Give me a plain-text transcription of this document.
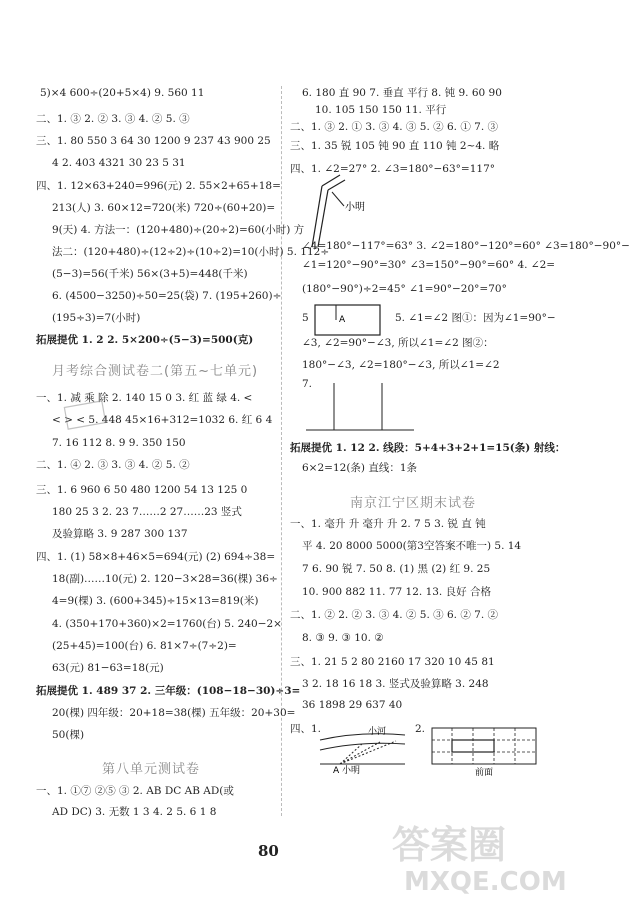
5)×4 600÷(20+5×4) 9. 560 11
二、1. ③ 2. ② 3. ③ 4. ② 5. ③
三、1. 80 550 3 64 30 1200 9 237 43 900 25
4 2. 403 4321 30 23 5 31
四、1. 12×63+240=996(元) 2. 55×2+65+18=
213(人) 3. 60×12=720(米) 720÷(60+20)=
9(天) 4. 方法一：(120+480)÷(20÷2)=60(小时) 方
法二：(120+480)÷(12÷2)÷(10÷2)=10(小时) 5. 112÷
(5−3)=56(千米) 56×(3+5)=448(千米)
6. (4500−3250)÷50=25(袋) 7. (195+260)÷
(195÷3)=7(小时)
拓展提优 1. 2 2. 5×200÷(5−3)=500(克)
月考综合测试卷二(第五~七单元)
一、1. 减 乘 除 2. 140 15 0 3. 红 蓝 绿 4. <
< > < 5. 448 45×16+312=1032 6. 红 6 4
7. 16 112 8. 9 9. 350 150
二、1. ④ 2. ③ 3. ③ 4. ② 5. ②
三、1. 6 960 6 50 480 1200 54 13 125 0
180 25 3 2. 23 7……2 27……23 竖式
及验算略 3. 9 287 300 137
四、1. (1) 58×8+46×5=694(元) (2) 694÷38=
18(副)……10(元) 2. 120−3×28=36(棵) 36÷
4=9(棵) 3. (600+345)÷15×13=819(米)
4. (350+170+360)×2=1760(台) 5. 240−2×
(25+45)=100(台) 6. 81×7÷(7÷2)=
63(元) 81−63=18(元)
拓展提优 1. 489 37 2. 三年级：(108−18−30)÷3=
20(棵) 四年级：20+18=38(棵) 五年级：20+30=
50(棵)
第八单元测试卷
一、1. ①⑦ ②⑤ ③ 2. AB DC AB AD(或
AD DC) 3. 无数 1 3 4. 2 5. 6 1 8
6. 180 直 90 7. 垂直 平行 8. 钝 9. 60 90
10. 105 150 150 11. 平行
二、1. ③ 2. ① 3. ③ 4. ③ 5. ② 6. ① 7. ③
三、1. 35 锐 105 钝 90 直 110 钝 2~4. 略
四、1. ∠2=27° 2. ∠3=180°−63°=117°
小明
∠4=180°−117°=63° 3. ∠2=180°−120°=60° ∠3=180°−90°−
∠1=120°−90°=30° ∠3=150°−90°=60° 4. ∠2=
(180°−90°)÷2=45° ∠1=90°−20°=70°
5	A	5. ∠1=∠2 图①：因为∠1=90°−
∠3, ∠2=90°−∠3, 所以∠1=∠2 图②：
180°−∠3, ∠2=180°−∠3, 所以∠1=∠2
7.
拓展提优 1. 12 2. 线段：5+4+3+2+1=15(条) 射线：
6×2=12(条) 直线：1条
南京江宁区期末试卷
一、1. 毫升 升 毫升 升 2. 7 5 3. 锐 直 钝
平 4. 20 8000 5000(第3空答案不唯一) 5. 14
7 6. 90 锐 7. 50 8. (1) 黑 (2) 红 9. 25
10. 900 882 11. 77 12. 13. 良好 合格
二、1. ② 2. ② 3. ③ 4. ② 5. ③ 6. ② 7. ②
8. ③ 9. ③ 10. ②
三、1. 21 5 2 80 2160 17 320 10 45 81
3 2. 18 16 18 3. 竖式及验算略 3. 248
36 1898 29 637 40
四、1.	小河
A 小明
2.
前面
80	答案圈
MXQE.COM
